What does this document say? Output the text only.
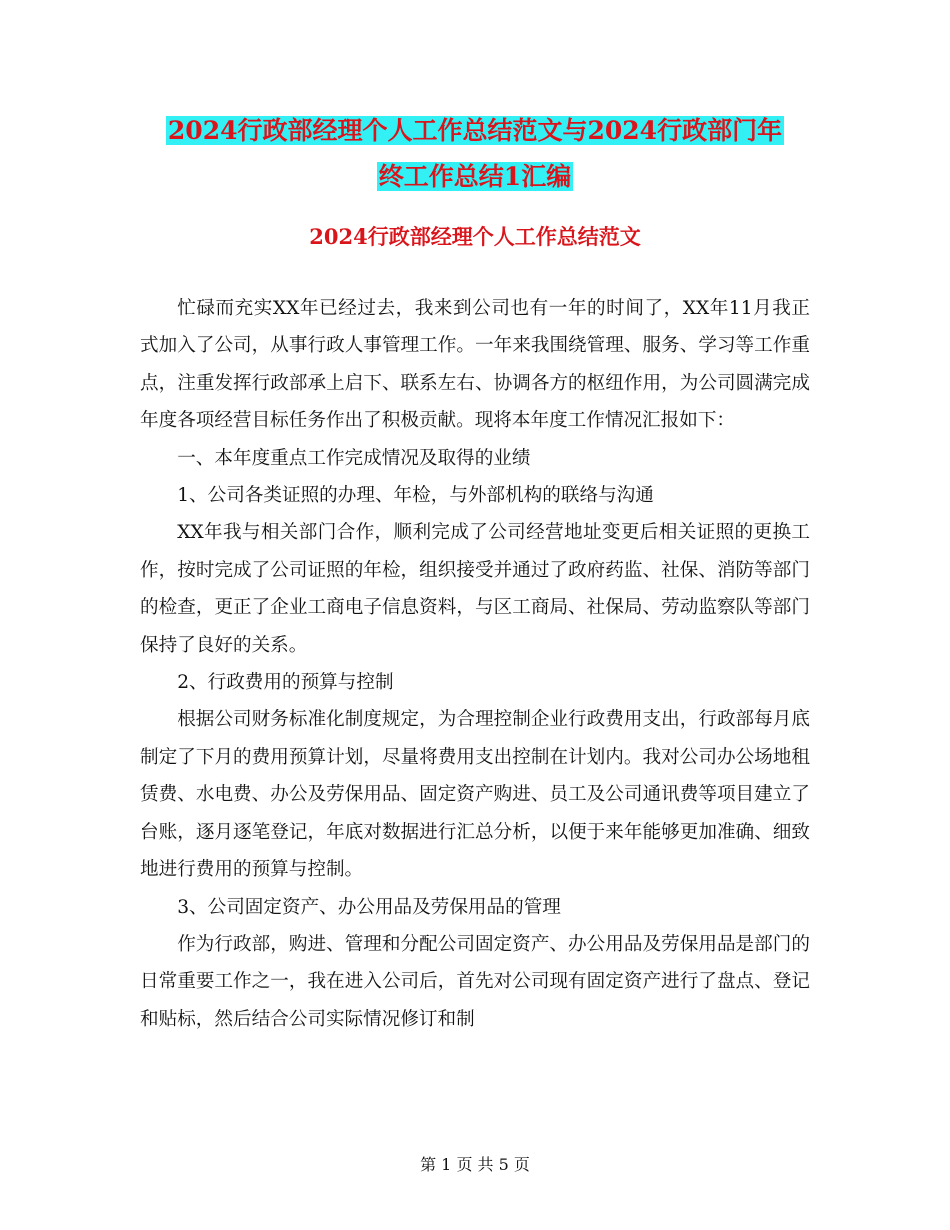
2024行政部经理个人工作总结范文与2024行政部门年
终工作总结1汇编
2024行政部经理个人工作总结范文

忙碌而充实XX年已经过去，我来到公司也有一年的时间了，XX年11月我正式加入了公司，从事行政人事管理工作。一年来我围绕管理、服务、学习等工作重点，注重发挥行政部承上启下、联系左右、协调各方的枢纽作用，为公司圆满完成年度各项经营目标任务作出了积极贡献。现将本年度工作情况汇报如下：

一、本年度重点工作完成情况及取得的业绩

1、公司各类证照的办理、年检，与外部机构的联络与沟通

XX年我与相关部门合作，顺利完成了公司经营地址变更后相关证照的更换工作，按时完成了公司证照的年检，组织接受并通过了政府药监、社保、消防等部门的检查，更正了企业工商电子信息资料，与区工商局、社保局、劳动监察队等部门保持了良好的关系。

2、行政费用的预算与控制

根据公司财务标准化制度规定，为合理控制企业行政费用支出，行政部每月底制定了下月的费用预算计划，尽量将费用支出控制在计划内。我对公司办公场地租赁费、水电费、办公及劳保用品、固定资产购进、员工及公司通讯费等项目建立了台账，逐月逐笔登记，年底对数据进行汇总分析，以便于来年能够更加准确、细致地进行费用的预算与控制。

3、公司固定资产、办公用品及劳保用品的管理

作为行政部，购进、管理和分配公司固定资产、办公用品及劳保用品是部门的日常重要工作之一，我在进入公司后，首先对公司现有固定资产进行了盘点、登记和贴标，然后结合公司实际情况修订和制

第 1 页 共 5 页
